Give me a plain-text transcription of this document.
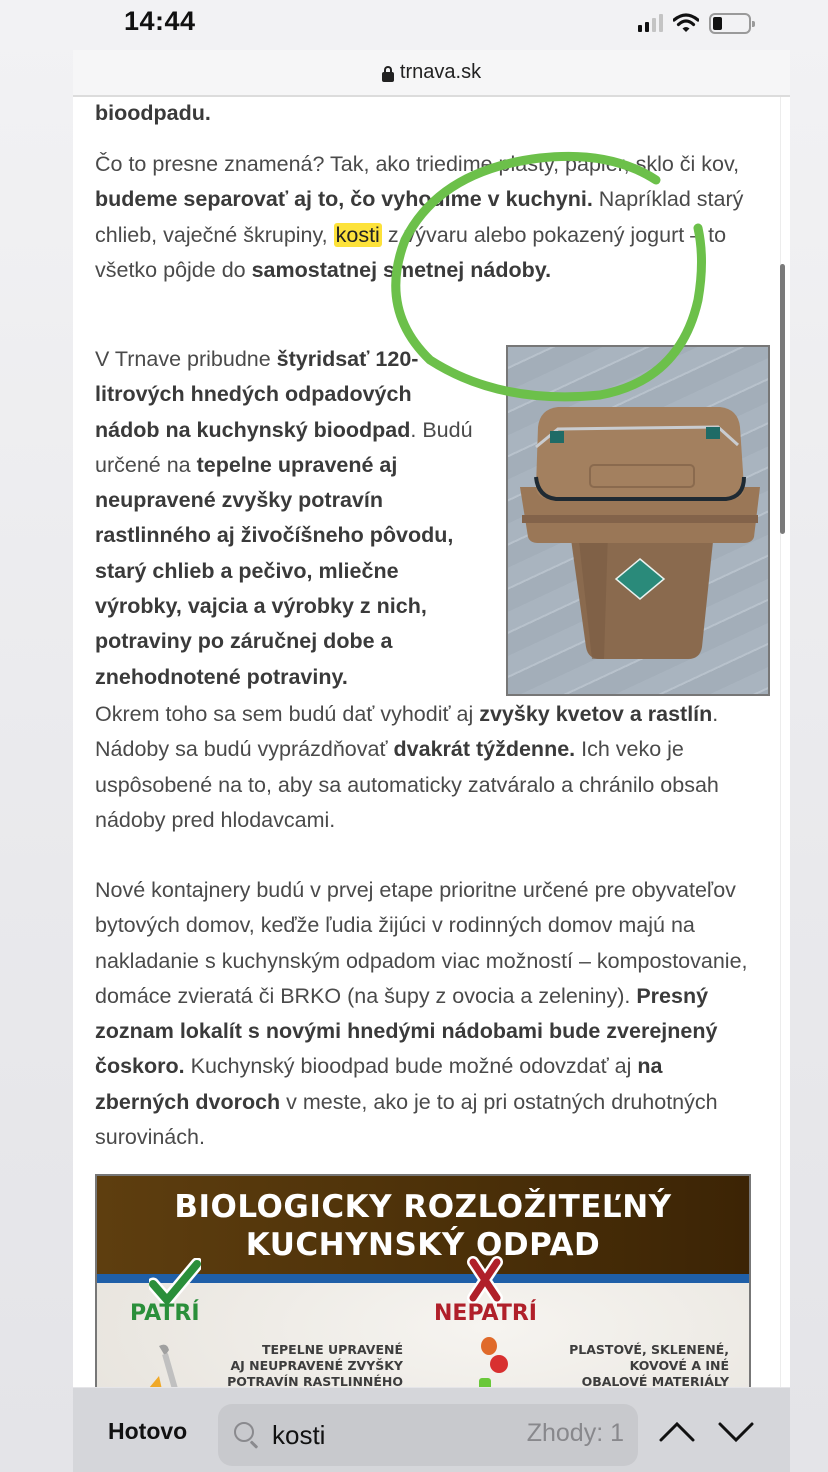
14:44
trnava.sk

bioodpadu.

Čo to presne znamená? Tak, ako triedime plasty, papier, sklo či kov, budeme separovať aj to, čo vyhodíme v kuchyni. Napríklad starý chlieb, vaječné škrupiny, kosti z vývaru alebo pokazený jogurt – to všetko pôjde do samostatnej smetnej nádoby.

V Trnave pribudne štyridsať 120-litrových hnedých odpadových nádob na kuchynský bioodpad. Budú určené na tepelne upravené aj neupravené zvyšky potravín rastlinného aj živočíšneho pôvodu, starý chlieb a pečivo, mliečne výrobky, vajcia a výrobky z nich, potraviny po záručnej dobe a znehodnotené potraviny.

Okrem toho sa sem budú dať vyhodiť aj zvyšky kvetov a rastlín. Nádoby sa budú vyprázdňovať dvakrát týždenne. Ich veko je uspôsobené na to, aby sa automaticky zatváralo a chránilo obsah nádoby pred hlodavcami.

Nové kontajnery budú v prvej etape prioritne určené pre obyvateľov bytových domov, keďže ľudia žijúci v rodinných domov majú na nakladanie s kuchynským odpadom viac možností – kompostovanie, domáce zvieratá či BRKO (na šupy z ovocia a zeleniny). Presný zoznam lokalít s novými hnedými nádobami bude zverejnený čoskoro. Kuchynský bioodpad bude možné odovzdať aj na zberných dvoroch v meste, ako je to aj pri ostatných druhotných surovinách.

BIOLOGICKY ROZLOŽITEĽNÝ
KUCHYNSKÝ ODPAD
PATRÍ	NEPATRÍ
TEPELNE UPRAVENÉ
AJ NEUPRAVENÉ ZVYŠKY
POTRAVÍN RASTLINNÉHO
PLASTOVÉ, SKLENENÉ,
KOVOVÉ A INÉ
OBALOVÉ MATERIÁLY
Hotovo
kosti	Zhody: 1
